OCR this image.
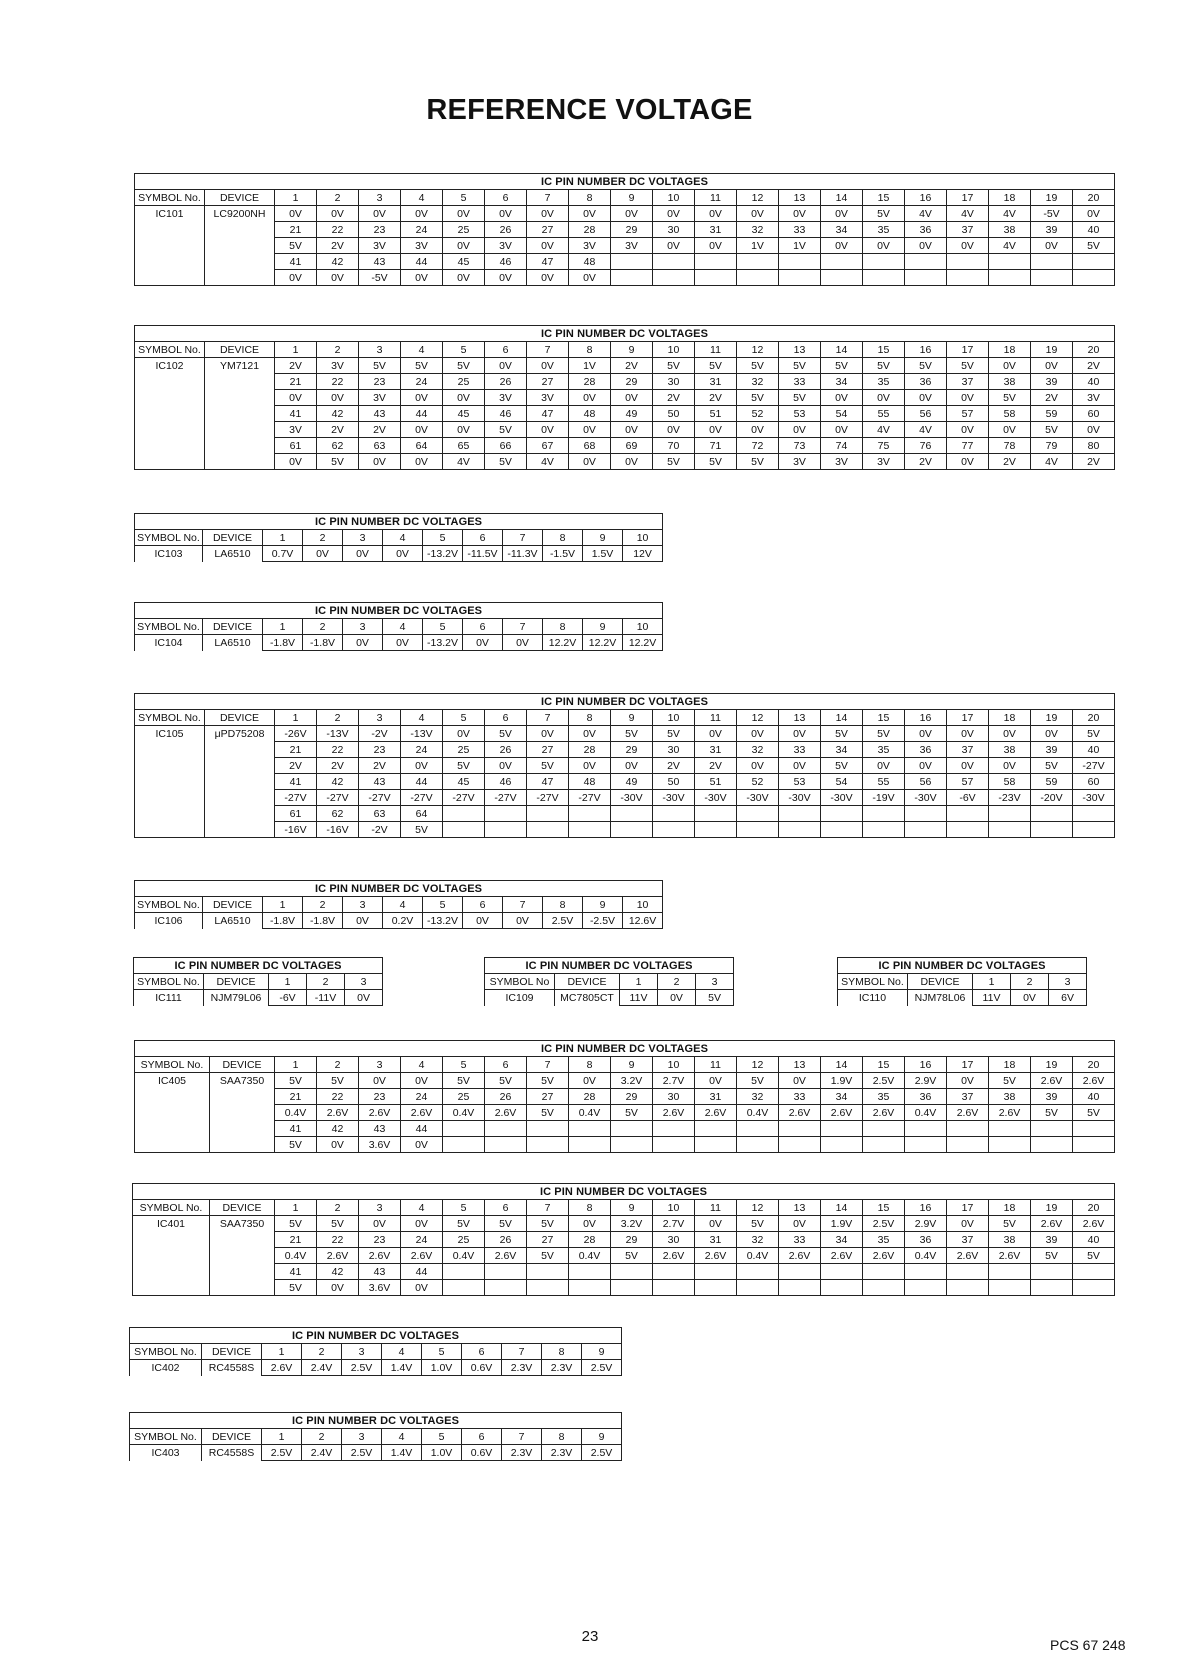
REFERENCE VOLTAGE
IC PIN NUMBER DC VOLTAGES																					
SYMBOL No.	DEVICE	1	2	3	4	5	6	7	8	9	10	11	12	13	14	15	16	17	18	19	20
IC101	LC9200NH	0V	0V	0V	0V	0V	0V	0V	0V	0V	0V	0V	0V	0V	0V	5V	4V	4V	4V	-5V	0V
		21	22	23	24	25	26	27	28	29	30	31	32	33	34	35	36	37	38	39	40
		5V	2V	3V	3V	0V	3V	0V	3V	3V	0V	0V	1V	1V	0V	0V	0V	0V	4V	0V	5V
		41	42	43	44	45	46	47	48												
		0V	0V	-5V	0V	0V	0V	0V	0V												
IC PIN NUMBER DC VOLTAGES																					
SYMBOL No.	DEVICE	1	2	3	4	5	6	7	8	9	10	11	12	13	14	15	16	17	18	19	20
IC102	YM7121	2V	3V	5V	5V	5V	0V	0V	1V	2V	5V	5V	5V	5V	5V	5V	5V	5V	0V	0V	2V
		21	22	23	24	25	26	27	28	29	30	31	32	33	34	35	36	37	38	39	40
		0V	0V	3V	0V	0V	3V	3V	0V	0V	2V	2V	5V	5V	0V	0V	0V	0V	5V	2V	3V
		41	42	43	44	45	46	47	48	49	50	51	52	53	54	55	56	57	58	59	60
		3V	2V	2V	0V	0V	5V	0V	0V	0V	0V	0V	0V	0V	0V	4V	4V	0V	0V	5V	0V
		61	62	63	64	65	66	67	68	69	70	71	72	73	74	75	76	77	78	79	80
		0V	5V	0V	0V	4V	5V	4V	0V	0V	5V	5V	5V	3V	3V	3V	2V	0V	2V	4V	2V
IC PIN NUMBER DC VOLTAGES											
SYMBOL No.	DEVICE	1	2	3	4	5	6	7	8	9	10
IC103	LA6510	0.7V	0V	0V	0V	-13.2V	-11.5V	-11.3V	-1.5V	1.5V	12V
IC PIN NUMBER DC VOLTAGES											
SYMBOL No.	DEVICE	1	2	3	4	5	6	7	8	9	10
IC104	LA6510	-1.8V	-1.8V	0V	0V	-13.2V	0V	0V	12.2V	12.2V	12.2V
IC PIN NUMBER DC VOLTAGES																					
SYMBOL No.	DEVICE	1	2	3	4	5	6	7	8	9	10	11	12	13	14	15	16	17	18	19	20
IC105	μPD75208	-26V	-13V	-2V	-13V	0V	5V	0V	0V	5V	5V	0V	0V	0V	5V	5V	0V	0V	0V	0V	5V
		21	22	23	24	25	26	27	28	29	30	31	32	33	34	35	36	37	38	39	40
		2V	2V	2V	0V	5V	0V	5V	0V	0V	2V	2V	0V	0V	5V	0V	0V	0V	0V	5V	-27V
		41	42	43	44	45	46	47	48	49	50	51	52	53	54	55	56	57	58	59	60
		-27V	-27V	-27V	-27V	-27V	-27V	-27V	-27V	-30V	-30V	-30V	-30V	-30V	-30V	-19V	-30V	-6V	-23V	-20V	-30V
		61	62	63	64																
		-16V	-16V	-2V	5V																
IC PIN NUMBER DC VOLTAGES											
SYMBOL No.	DEVICE	1	2	3	4	5	6	7	8	9	10
IC106	LA6510	-1.8V	-1.8V	0V	0.2V	-13.2V	0V	0V	2.5V	-2.5V	12.6V
IC PIN NUMBER DC VOLTAGES				
SYMBOL No.	DEVICE	1	2	3
IC111	NJM79L06	-6V	-11V	0V
IC PIN NUMBER DC VOLTAGES				
SYMBOL No	DEVICE	1	2	3
IC109	MC7805CT	11V	0V	5V
IC PIN NUMBER DC VOLTAGES				
SYMBOL No.	DEVICE	1	2	3
IC110	NJM78L06	11V	0V	6V
IC PIN NUMBER DC VOLTAGES																					
SYMBOL No.	DEVICE	1	2	3	4	5	6	7	8	9	10	11	12	13	14	15	16	17	18	19	20
IC405	SAA7350	5V	5V	0V	0V	5V	5V	5V	0V	3.2V	2.7V	0V	5V	0V	1.9V	2.5V	2.9V	0V	5V	2.6V	2.6V
		21	22	23	24	25	26	27	28	29	30	31	32	33	34	35	36	37	38	39	40
		0.4V	2.6V	2.6V	2.6V	0.4V	2.6V	5V	0.4V	5V	2.6V	2.6V	0.4V	2.6V	2.6V	2.6V	0.4V	2.6V	2.6V	5V	5V
		41	42	43	44																
		5V	0V	3.6V	0V																
IC PIN NUMBER DC VOLTAGES																					
SYMBOL No.	DEVICE	1	2	3	4	5	6	7	8	9	10	11	12	13	14	15	16	17	18	19	20
IC401	SAA7350	5V	5V	0V	0V	5V	5V	5V	0V	3.2V	2.7V	0V	5V	0V	1.9V	2.5V	2.9V	0V	5V	2.6V	2.6V
		21	22	23	24	25	26	27	28	29	30	31	32	33	34	35	36	37	38	39	40
		0.4V	2.6V	2.6V	2.6V	0.4V	2.6V	5V	0.4V	5V	2.6V	2.6V	0.4V	2.6V	2.6V	2.6V	0.4V	2.6V	2.6V	5V	5V
		41	42	43	44																
		5V	0V	3.6V	0V																
IC PIN NUMBER DC VOLTAGES										
SYMBOL No.	DEVICE	1	2	3	4	5	6	7	8	9
IC402	RC4558S	2.6V	2.4V	2.5V	1.4V	1.0V	0.6V	2.3V	2.3V	2.5V
IC PIN NUMBER DC VOLTAGES										
SYMBOL No.	DEVICE	1	2	3	4	5	6	7	8	9
IC403	RC4558S	2.5V	2.4V	2.5V	1.4V	1.0V	0.6V	2.3V	2.3V	2.5V
23	PCS 67 248
